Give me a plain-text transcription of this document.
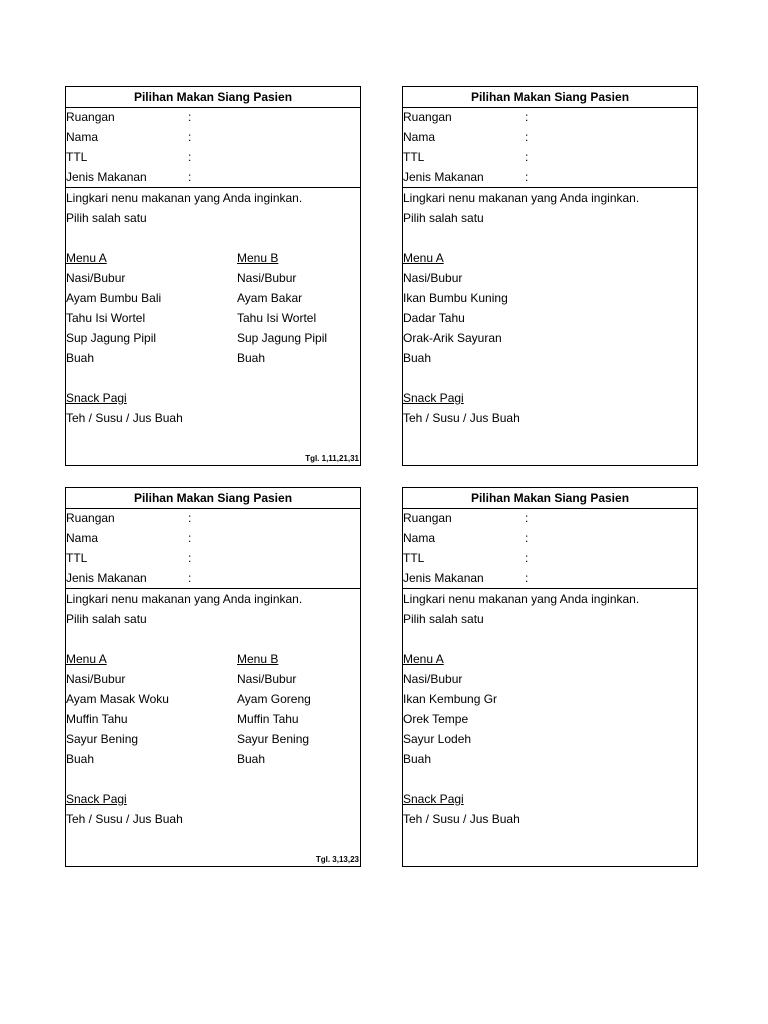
Pilihan Makan Siang Pasien
Ruangan	:
Nama	:
TTL	:
Jenis Makanan	:
Lingkari nenu makanan yang Anda inginkan.
Pilih salah satu
Menu A	Menu B
Nasi/Bubur	Nasi/Bubur
Ayam Bumbu Bali	Ayam Bakar
Tahu Isi Wortel	Tahu Isi Wortel
Sup Jagung Pipil	Sup Jagung Pipil
Buah	Buah
Snack Pagi
Teh / Susu / Jus Buah
Tgl. 1,11,21,31
Pilihan Makan Siang Pasien
Ruangan	:
Nama	:
TTL	:
Jenis Makanan	:
Lingkari nenu makanan yang Anda inginkan.
Pilih salah satu
Menu A
Nasi/Bubur
Ikan Bumbu Kuning
Dadar Tahu
Orak-Arik Sayuran
Buah
Snack Pagi
Teh / Susu / Jus Buah
Pilihan Makan Siang Pasien
Ruangan	:
Nama	:
TTL	:
Jenis Makanan	:
Lingkari nenu makanan yang Anda inginkan.
Pilih salah satu
Menu A	Menu B
Nasi/Bubur	Nasi/Bubur
Ayam Masak Woku	Ayam Goreng
Muffin Tahu	Muffin Tahu
Sayur Bening	Sayur Bening
Buah	Buah
Snack Pagi
Teh / Susu / Jus Buah
Tgl. 3,13,23
Pilihan Makan Siang Pasien
Ruangan	:
Nama	:
TTL	:
Jenis Makanan	:
Lingkari nenu makanan yang Anda inginkan.
Pilih salah satu
Menu A
Nasi/Bubur
Ikan Kembung Gr
Orek Tempe
Sayur Lodeh
Buah
Snack Pagi
Teh / Susu / Jus Buah
